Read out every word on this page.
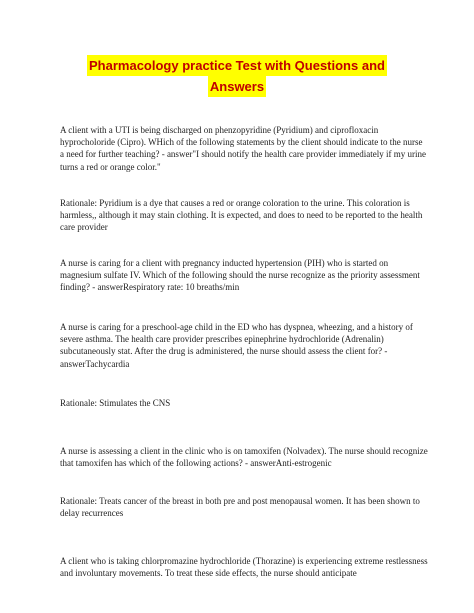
Pharmacology practice Test with Questions and
Answers

A client with a UTI is being discharged on phenzopyridine (Pyridium) and ciprofloxacin hyprocholoride (Cipro). WHich of the following statements by the client should indicate to the nurse a need for further teaching? - answer"I should notify the health care provider immediately if my urine turns a red or orange color."

Rationale: Pyridium is a dye that causes a red or orange coloration to the urine. This coloration is harmless,, although it may stain clothing. It is expected, and does to need to be reported to the health care provider

A nurse is caring for a client with pregnancy inducted hypertension (PIH) who is started on magnesium sulfate IV. Which of the following should the nurse recognize as the priority assessment finding? - answerRespiratory rate: 10 breaths/min

A nurse is caring for a preschool-age child in the ED who has dyspnea, wheezing, and a history of severe asthma. The health care provider prescribes epinephrine hydrochloride (Adrenalin) subcutaneously stat. After the drug is administered, the nurse should assess the client for? - answerTachycardia

Rationale: Stimulates the CNS

A nurse is assessing a client in the clinic who is on tamoxifen (Nolvadex). The nurse should recognize that tamoxifen has which of the following actions? - answerAnti-estrogenic

Rationale: Treats cancer of the breast in both pre and post menopausal women. It has been shown to delay recurrences

A client who is taking chlorpromazine hydrochloride (Thorazine) is experiencing extreme restlessness and involuntary movements. To treat these side effects, the nurse should anticipate
